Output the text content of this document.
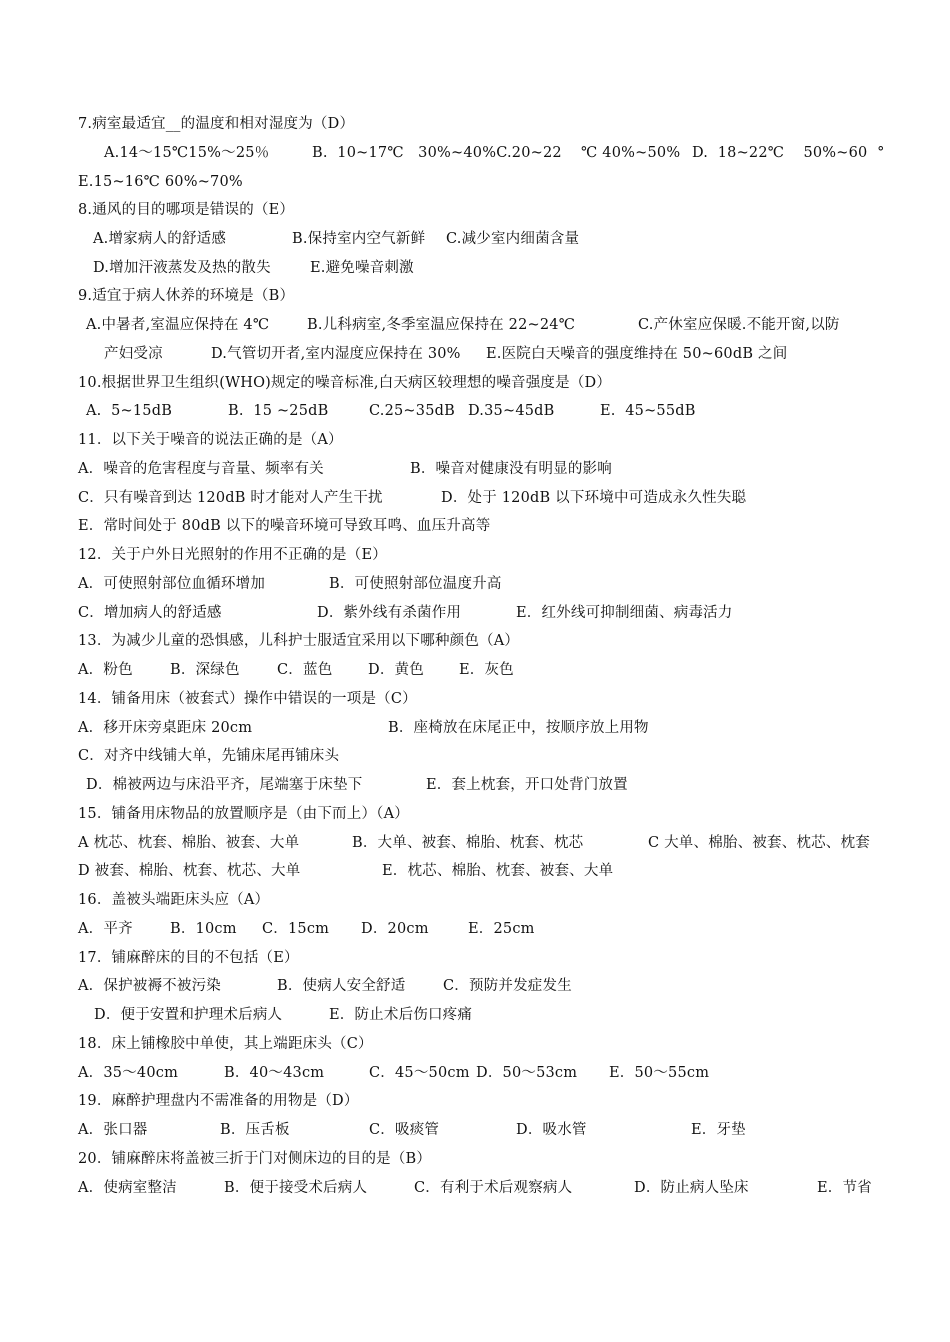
7.病室最适宜__的温度和相对湿度为（D）
A.14～15℃15%～25％	B.  10~17℃   30%~40%C.20~22    ℃ 40%~50% D.  18~22℃    50%~60  °
E.15~16℃ 60%~70%
8.通风的目的哪项是错误的（E）
A.增家病人的舒适感	B.保持室内空气新鲜 C.减少室内细菌含量
D.增加汗液蒸发及热的散失	E.避免噪音刺激
9.适宜于病人休养的环境是（B）
A.中暑者,室温应保持在 4℃	B.儿科病室,冬季室温应保持在 22~24℃	C.产休室应保暖.不能开窗,以防
产妇受凉	D.气管切开者,室内湿度应保持在 30% E.医院白天噪音的强度维持在 50~60dB 之间
10.根据世界卫生组织(WHO)规定的噪音标准,白天病区较理想的噪音强度是（D）
A.  5~15dB	B.  15 ~25dB	C.25~35dB D.35~45dB	E.  45~55dB
11．以下关于噪音的说法正确的是（A）
A．噪音的危害程度与音量、频率有关	B．噪音对健康没有明显的影响
C．只有噪音到达 120dB 时才能对人产生干扰	D．处于 120dB 以下环境中可造成永久性失聪
E．常时间处于 80dB 以下的噪音环境可导致耳鸣、血压升高等
12．关于户外日光照射的作用不正确的是（E）
A．可使照射部位血循环增加	B．可使照射部位温度升高
C．增加病人的舒适感	D．紫外线有杀菌作用	E．红外线可抑制细菌、病毒活力
13．为减少儿童的恐惧感，儿科护士服适宜采用以下哪种颜色（A）
A．粉色	B．深绿色	C．蓝色 D．黄色 E．灰色
14．铺备用床（被套式）操作中错误的一项是（C）
A．移开床旁桌距床 20cm	B．座椅放在床尾正中，按顺序放上用物
C．对齐中线铺大单，先铺床尾再铺床头
D．棉被两边与床沿平齐，尾端塞于床垫下	E．套上枕套，开口处背门放置
15．铺备用床物品的放置顺序是（由下而上）（A）
A 枕芯、枕套、棉胎、被套、大单	B．大单、被套、棉胎、枕套、枕芯	C 大单、棉胎、被套、枕芯、枕套
D 被套、棉胎、枕套、枕芯、大单	E．枕芯、棉胎、枕套、被套、大单
16．盖被头端距床头应（A）
A．平齐	B．10cm C．15cm D．20cm	E．25cm
17．铺麻醉床的目的不包括（E）
A．保护被褥不被污染	B．使病人安全舒适	C．预防并发症发生
D．便于安置和护理术后病人	E．防止术后伤口疼痛
18．床上铺橡胶中单使，其上端距床头（C）
A．35～40cm	B．40～43cm	C．45～50cm D．50～53cm E．50～55cm
19．麻醉护理盘内不需准备的用物是（D）
A．张口器	B．压舌板	C．吸痰管	D．吸水管	E．牙垫
20．铺麻醉床将盖被三折于门对侧床边的目的是（B）
A．使病室整洁	B．便于接受术后病人	C．有利于术后观察病人	D．防止病人坠床	E．节省
